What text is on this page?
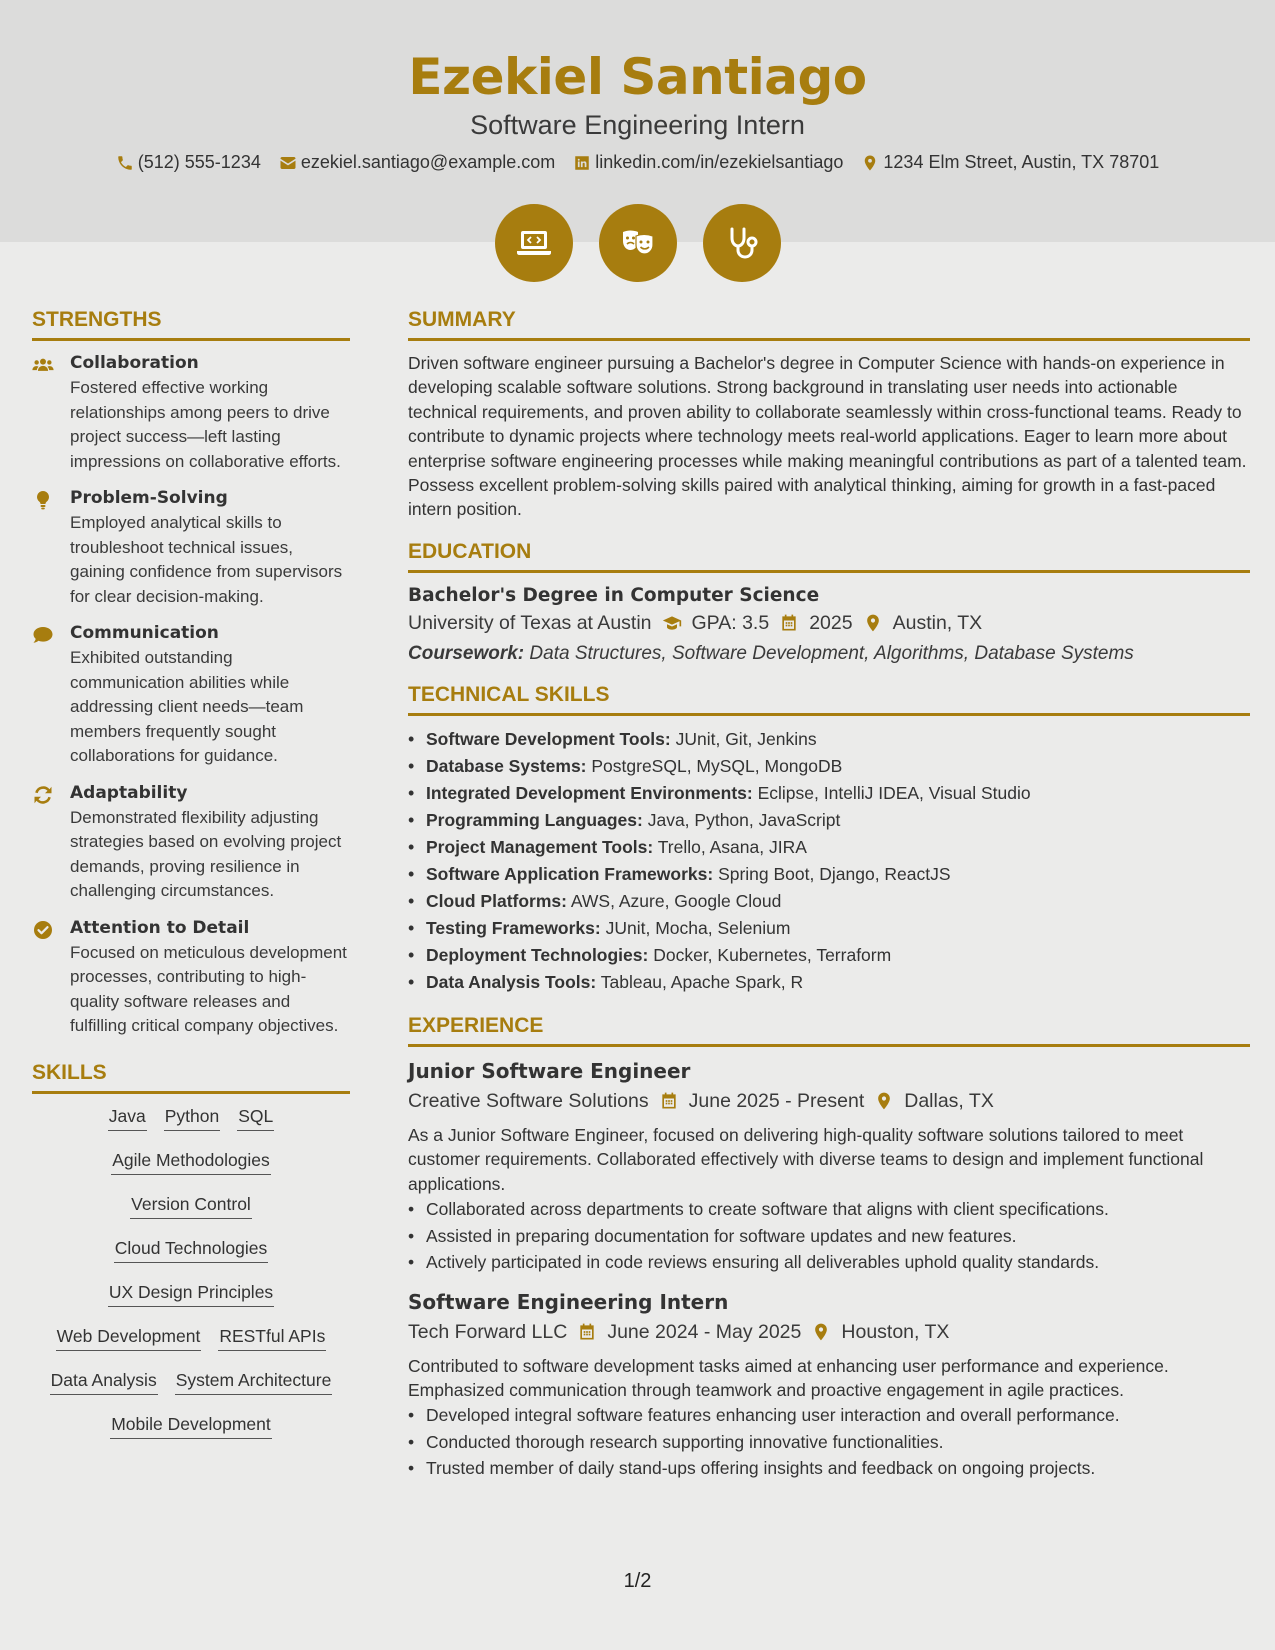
Ezekiel Santiago
Software Engineering Intern
(512) 555-1234 ezekiel.santiago@example.com linkedin.com/in/ezekielsantiago 1234 Elm Street, Austin, TX 78701
STRENGTHS
Collaboration
Fostered effective working relationships among peers to drive project success—left lasting impressions on collaborative efforts.
Problem-Solving
Employed analytical skills to troubleshoot technical issues, gaining confidence from supervisors for clear decision-making.
Communication
Exhibited outstanding communication abilities while addressing client needs—team members frequently sought collaborations for guidance.
Adaptability
Demonstrated flexibility adjusting strategies based on evolving project demands, proving resilience in challenging circumstances.
Attention to Detail
Focused on meticulous development processes, contributing to high-quality software releases and fulfilling critical company objectives.
SKILLS
Java Python SQL
Agile Methodologies
Version Control
Cloud Technologies
UX Design Principles
Web Development RESTful APIs
Data Analysis System Architecture
Mobile Development
SUMMARY
Driven software engineer pursuing a Bachelor's degree in Computer Science with hands-on experience in developing scalable software solutions. Strong background in translating user needs into actionable technical requirements, and proven ability to collaborate seamlessly within cross-functional teams. Ready to contribute to dynamic projects where technology meets real-world applications. Eager to learn more about enterprise software engineering processes while making meaningful contributions as part of a talented team. Possess excellent problem-solving skills paired with analytical thinking, aiming for growth in a fast-paced intern position.
EDUCATION
Bachelor's Degree in Computer Science
University of Texas at Austin GPA: 3.5 2025 Austin, TX
Coursework: Data Structures, Software Development, Algorithms, Database Systems
TECHNICAL SKILLS
• Software Development Tools: JUnit, Git, Jenkins
• Database Systems: PostgreSQL, MySQL, MongoDB
• Integrated Development Environments: Eclipse, IntelliJ IDEA, Visual Studio
• Programming Languages: Java, Python, JavaScript
• Project Management Tools: Trello, Asana, JIRA
• Software Application Frameworks: Spring Boot, Django, ReactJS
• Cloud Platforms: AWS, Azure, Google Cloud
• Testing Frameworks: JUnit, Mocha, Selenium
• Deployment Technologies: Docker, Kubernetes, Terraform
• Data Analysis Tools: Tableau, Apache Spark, R
EXPERIENCE
Junior Software Engineer
Creative Software Solutions June 2025 - Present Dallas, TX
As a Junior Software Engineer, focused on delivering high-quality software solutions tailored to meet customer requirements. Collaborated effectively with diverse teams to design and implement functional applications.
• Collaborated across departments to create software that aligns with client specifications.
• Assisted in preparing documentation for software updates and new features.
• Actively participated in code reviews ensuring all deliverables uphold quality standards.
Software Engineering Intern
Tech Forward LLC June 2024 - May 2025 Houston, TX
Contributed to software development tasks aimed at enhancing user performance and experience. Emphasized communication through teamwork and proactive engagement in agile practices.
• Developed integral software features enhancing user interaction and overall performance.
• Conducted thorough research supporting innovative functionalities.
• Trusted member of daily stand-ups offering insights and feedback on ongoing projects.
1/2
